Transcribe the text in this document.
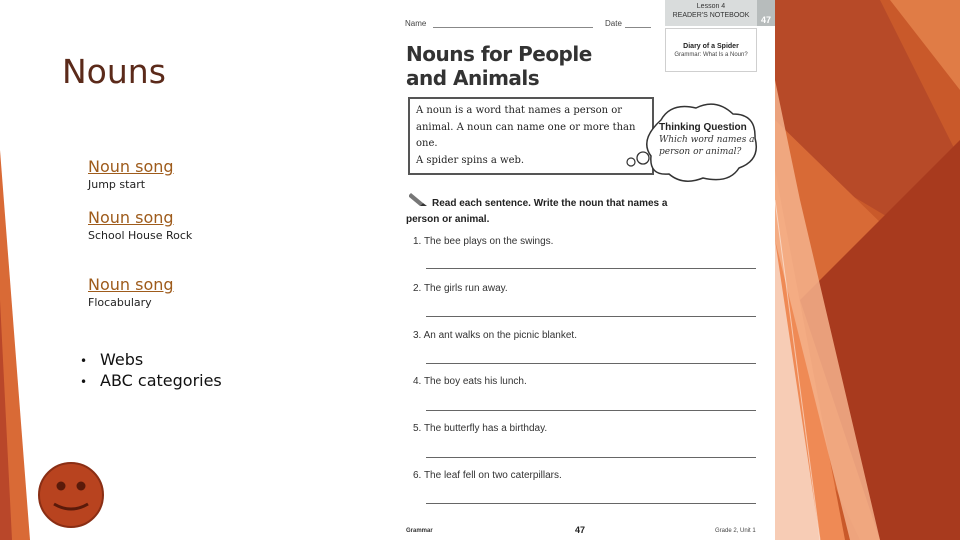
Nouns
Noun song
Jump start
Noun song
School House Rock
Noun song
Flocabulary
• Webs
• ABC categories
Name	Date
Lesson 4
READER'S NOTEBOOK	47
Diary of a Spider
Grammar: What Is a Noun?
Nouns for People
and Animals
A noun is a word that names a person or animal. A noun can name one or more than one.
A spider spins a web.
Thinking Question
Which word names a person or animal?
Read each sentence. Write the noun that names a person or animal.
1. The bee plays on the swings.
2. The girls run away.
3. An ant walks on the picnic blanket.
4. The boy eats his lunch.
5. The butterfly has a birthday.
6. The leaf fell on two caterpillars.
Grammar	47	Grade 2, Unit 1
